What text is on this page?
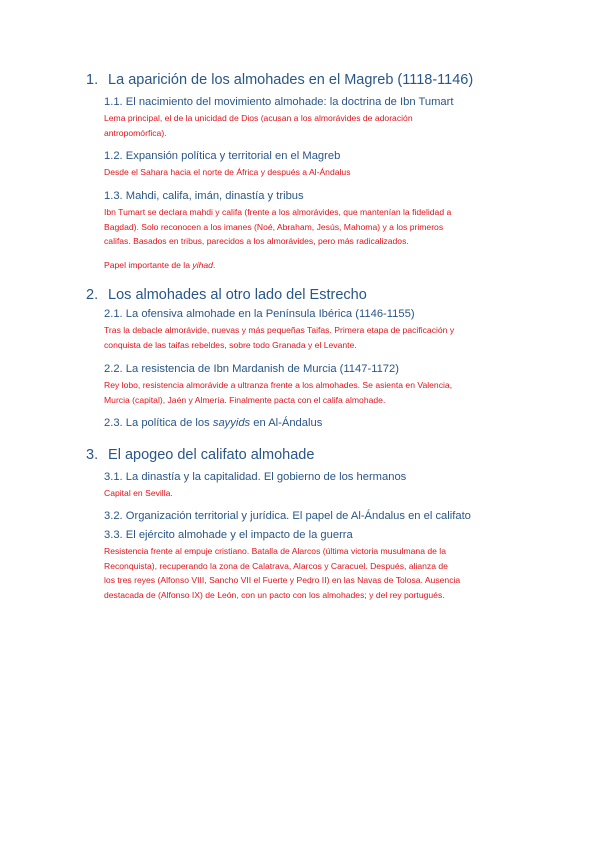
1. La aparición de los almohades en el Magreb (1118-1146)
1.1. El nacimiento del movimiento almohade: la doctrina de Ibn Tumart
Lema principal, el de la unicidad de Dios (acusan a los almorávides de adoración
antropomórfica).
1.2. Expansión política y territorial en el Magreb
Desde el Sahara hacia el norte de África y después a Al-Ándalus
1.3. Mahdi, califa, imán, dinastía y tribus
Ibn Tumart se declara mahdi y califa (frente a los almorávides, que mantenían la fidelidad a
Bagdad). Solo reconocen a los imanes (Noé, Abraham, Jesús, Mahoma) y a los primeros
califas. Basados en tribus, parecidos a los almorávides, pero más radicalizados.
Papel importante de la yihad.
2. Los almohades al otro lado del Estrecho
2.1. La ofensiva almohade en la Península Ibérica (1146-1155)
Tras la debacle almorávide, nuevas y más pequeñas Taifas. Primera etapa de pacificación y
conquista de las taifas rebeldes, sobre todo Granada y el Levante.
2.2. La resistencia de Ibn Mardanish de Murcia (1147-1172)
Rey lobo, resistencia almorávide a ultranza frente a los almohades. Se asienta en Valencia,
Murcia (capital), Jaén y Almería. Finalmente pacta con el califa almohade.
2.3. La política de los sayyids en Al-Ándalus
3. El apogeo del califato almohade
3.1. La dinastía y la capitalidad. El gobierno de los hermanos
Capital en Sevilla.
3.2. Organización territorial y jurídica. El papel de Al-Ándalus en el califato
3.3. El ejército almohade y el impacto de la guerra
Resistencia frente al empuje cristiano. Batalla de Alarcos (última victoria musulmana de la
Reconquista), recuperando la zona de Calatrava, Alarcos y Caracuel. Después, alianza de
los tres reyes (Alfonso VIII, Sancho VII el Fuerte y Pedro II) en las Navas de Tolosa. Ausencia
destacada de (Alfonso IX) de León, con un pacto con los almohades; y del rey portugués.
